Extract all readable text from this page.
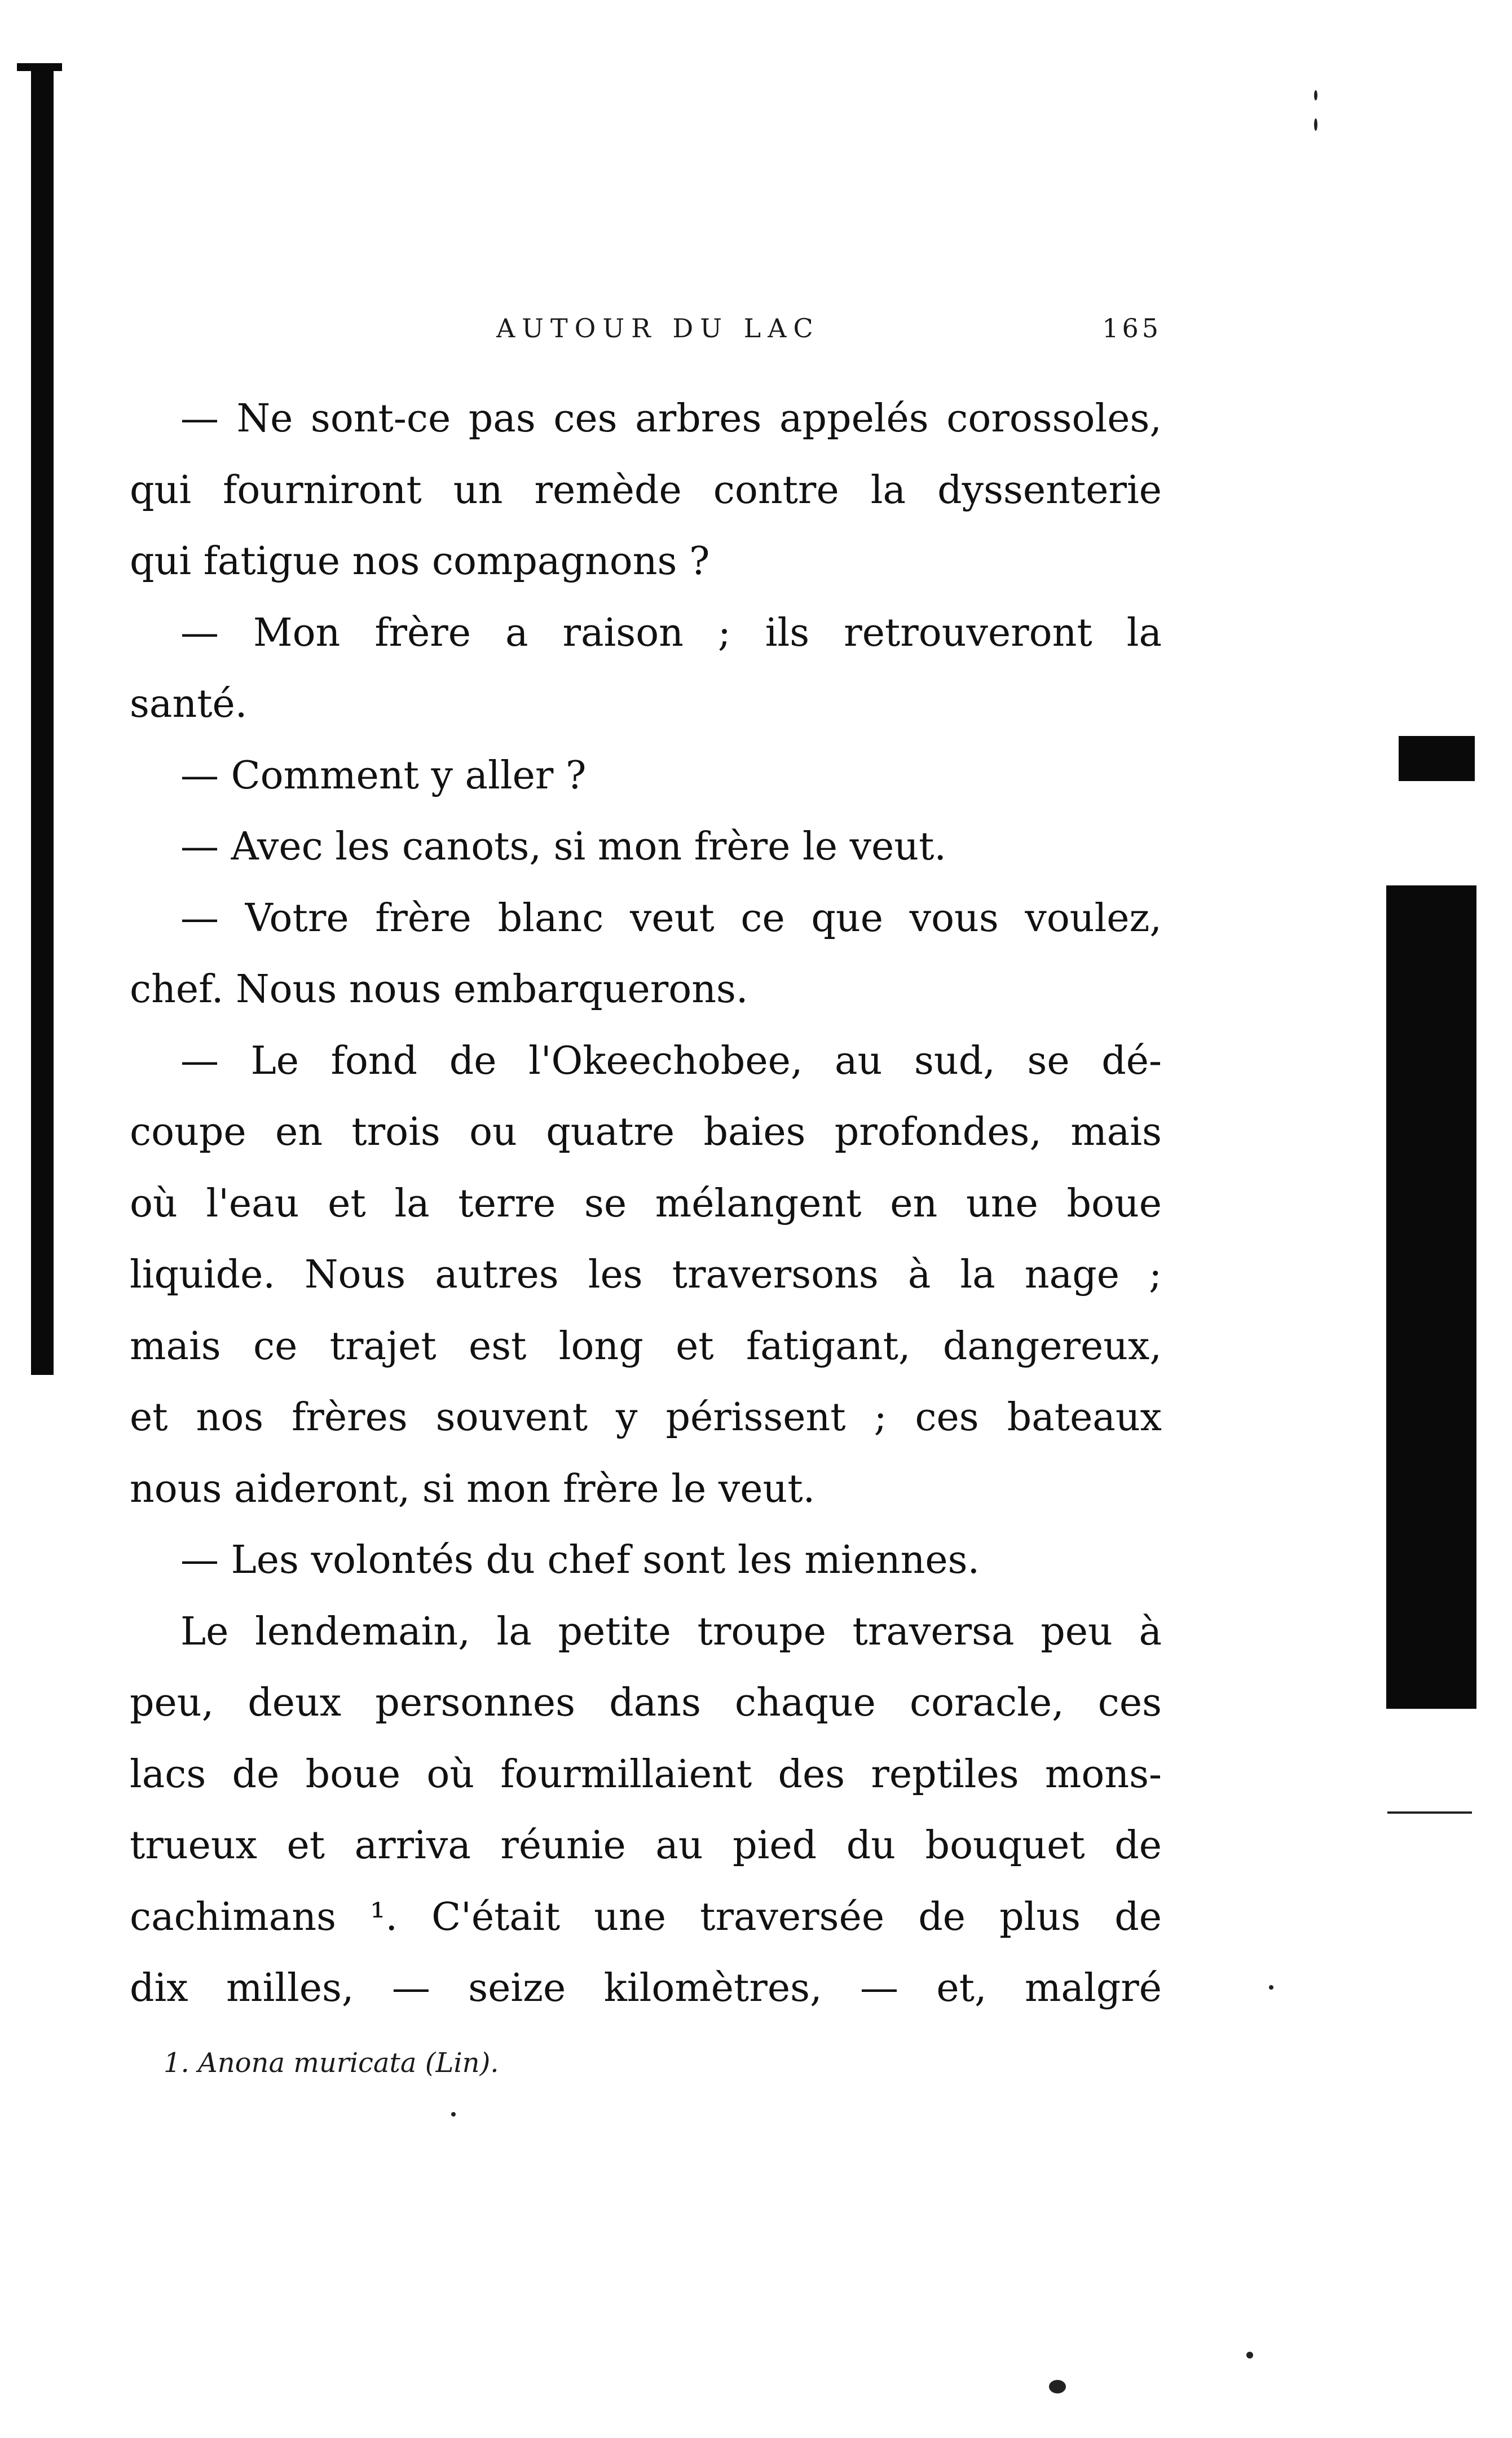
AUTOUR DU LAC	165
— Ne sont-ce pas ces arbres appelés corossoles,
qui fourniront un remède contre la dyssenterie
qui fatigue nos compagnons ?
— Mon frère a raison ; ils retrouveront la
santé.
— Comment y aller ?
— Avec les canots, si mon frère le veut.
— Votre frère blanc veut ce que vous voulez,
chef. Nous nous embarquerons.
— Le fond de l'Okeechobee, au sud, se dé-
coupe en trois ou quatre baies profondes, mais
où l'eau et la terre se mélangent en une boue
liquide. Nous autres les traversons à la nage ;
mais ce trajet est long et fatigant, dangereux,
et nos frères souvent y périssent ; ces bateaux
nous aideront, si mon frère le veut.
— Les volontés du chef sont les miennes.
Le lendemain, la petite troupe traversa peu à
peu, deux personnes dans chaque coracle, ces
lacs de boue où fourmillaient des reptiles mons-
trueux et arriva réunie au pied du bouquet de
cachimans ¹. C'était une traversée de plus de
dix milles, — seize kilomètres, — et, malgré
1. Anona muricata (Lin).
